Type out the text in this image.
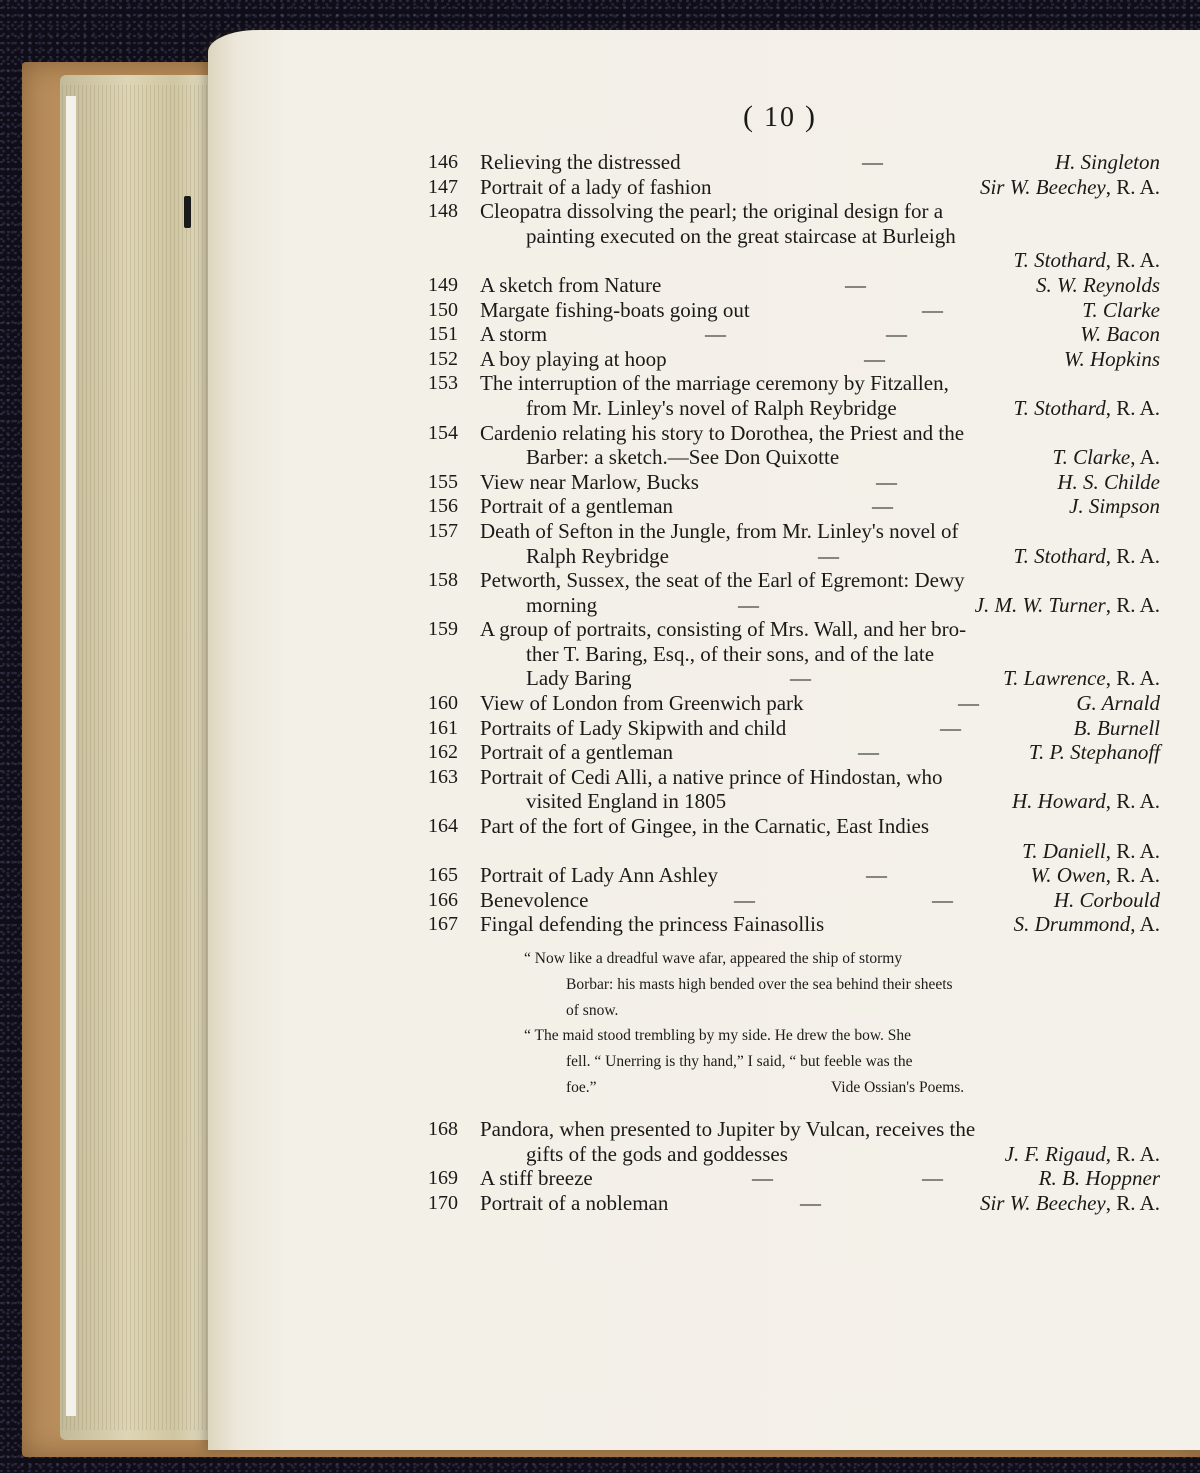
( 10 )
146 Relieving the distressed	—	H. Singleton
147 Portrait of a lady of fashion	Sir W. Beechey, R. A.
148 Cleopatra dissolving the pearl; the original design for a
painting executed on the great staircase at Burleigh
T. Stothard, R. A.
149 A sketch from Nature	—	S. W. Reynolds
150 Margate fishing-boats going out	—	T. Clarke
151 A storm	—	—	W. Bacon
152 A boy playing at hoop	—	W. Hopkins
153 The interruption of the marriage ceremony by Fitzallen,
from Mr. Linley's novel of Ralph Reybridge	T. Stothard, R. A.
154 Cardenio relating his story to Dorothea, the Priest and the
Barber: a sketch.—See Don Quixotte	T. Clarke, A.
155 View near Marlow, Bucks	—	H. S. Childe
156 Portrait of a gentleman	—	J. Simpson
157 Death of Sefton in the Jungle, from Mr. Linley's novel of
Ralph Reybridge	—	T. Stothard, R. A.
158 Petworth, Sussex, the seat of the Earl of Egremont: Dewy
morning	—	J. M. W. Turner, R. A.
159 A group of portraits, consisting of Mrs. Wall, and her bro-
ther T. Baring, Esq., of their sons, and of the late
Lady Baring	—	T. Lawrence, R. A.
160 View of London from Greenwich park	—	G. Arnald
161 Portraits of Lady Skipwith and child	—	B. Burnell
162 Portrait of a gentleman	—	T. P. Stephanoff
163 Portrait of Cedi Alli, a native prince of Hindostan, who
visited England in 1805	H. Howard, R. A.
164 Part of the fort of Gingee, in the Carnatic, East Indies
T. Daniell, R. A.
165 Portrait of Lady Ann Ashley	—	W. Owen, R. A.
166 Benevolence	—	—	H. Corbould
167 Fingal defending the princess Fainasollis	S. Drummond, A.
“ Now like a dreadful wave afar, appeared the ship of stormy
Borbar: his masts high bended over the sea behind their sheets
of snow.
“ The maid stood trembling by my side. He drew the bow. She
fell. “ Unerring is thy hand,” I said, “ but feeble was the
foe.”	Vide Ossian's Poems.
168 Pandora, when presented to Jupiter by Vulcan, receives the
gifts of the gods and goddesses	J. F. Rigaud, R. A.
169 A stiff breeze	—	—	R. B. Hoppner
170 Portrait of a nobleman	—	Sir W. Beechey, R. A.
